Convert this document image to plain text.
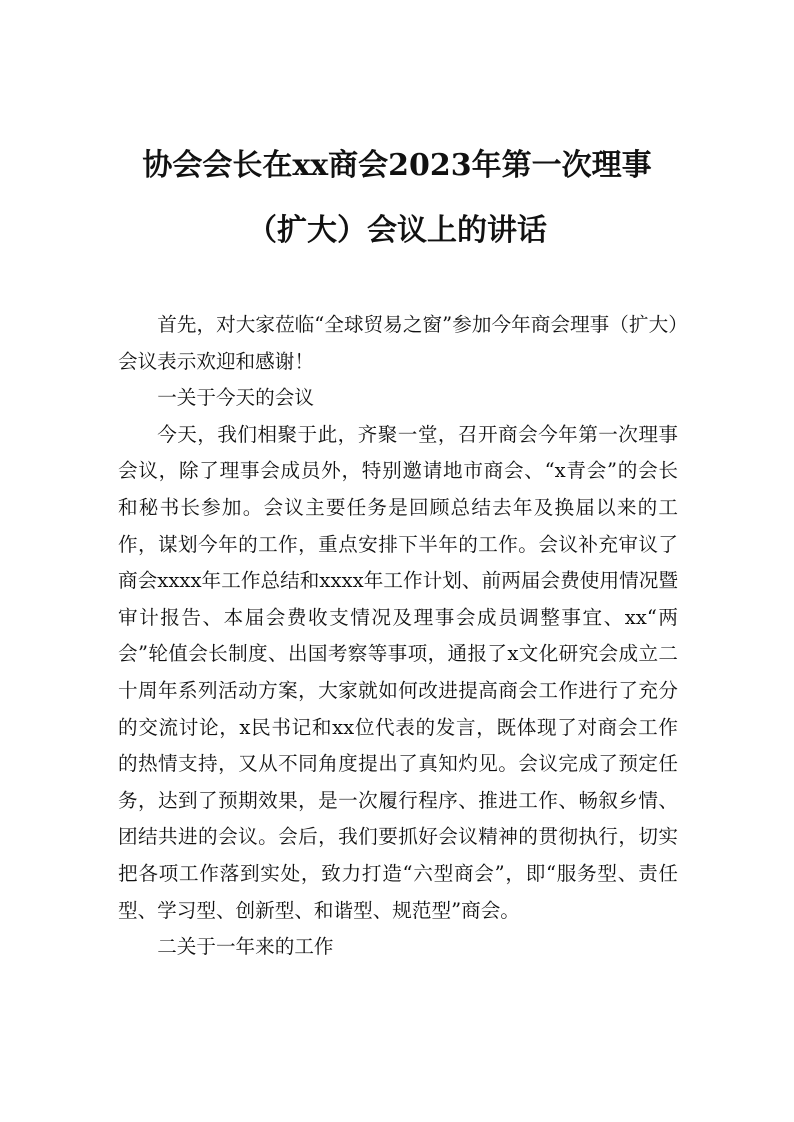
协会会长在xx商会2023年第一次理事
（扩大）会议上的讲话

首先，对大家莅临“全球贸易之窗”参加今年商会理事（扩大）会议表示欢迎和感谢！

一关于今天的会议

今天，我们相聚于此，齐聚一堂，召开商会今年第一次理事会议，除了理事会成员外，特别邀请地市商会、“x青会”的会长和秘书长参加。会议主要任务是回顾总结去年及换届以来的工作，谋划今年的工作，重点安排下半年的工作。会议补充审议了商会xxxx年工作总结和xxxx年工作计划、前两届会费使用情况暨审计报告、本届会费收支情况及理事会成员调整事宜、xx“两会”轮值会长制度、出国考察等事项，通报了x文化研究会成立二十周年系列活动方案，大家就如何改进提高商会工作进行了充分的交流讨论，x民书记和xx位代表的发言，既体现了对商会工作的热情支持，又从不同角度提出了真知灼见。会议完成了预定任务，达到了预期效果，是一次履行程序、推进工作、畅叙乡情、团结共进的会议。会后，我们要抓好会议精神的贯彻执行，切实把各项工作落到实处，致力打造“六型商会”，即“服务型、责任型、学习型、创新型、和谐型、规范型”商会。

二关于一年来的工作
